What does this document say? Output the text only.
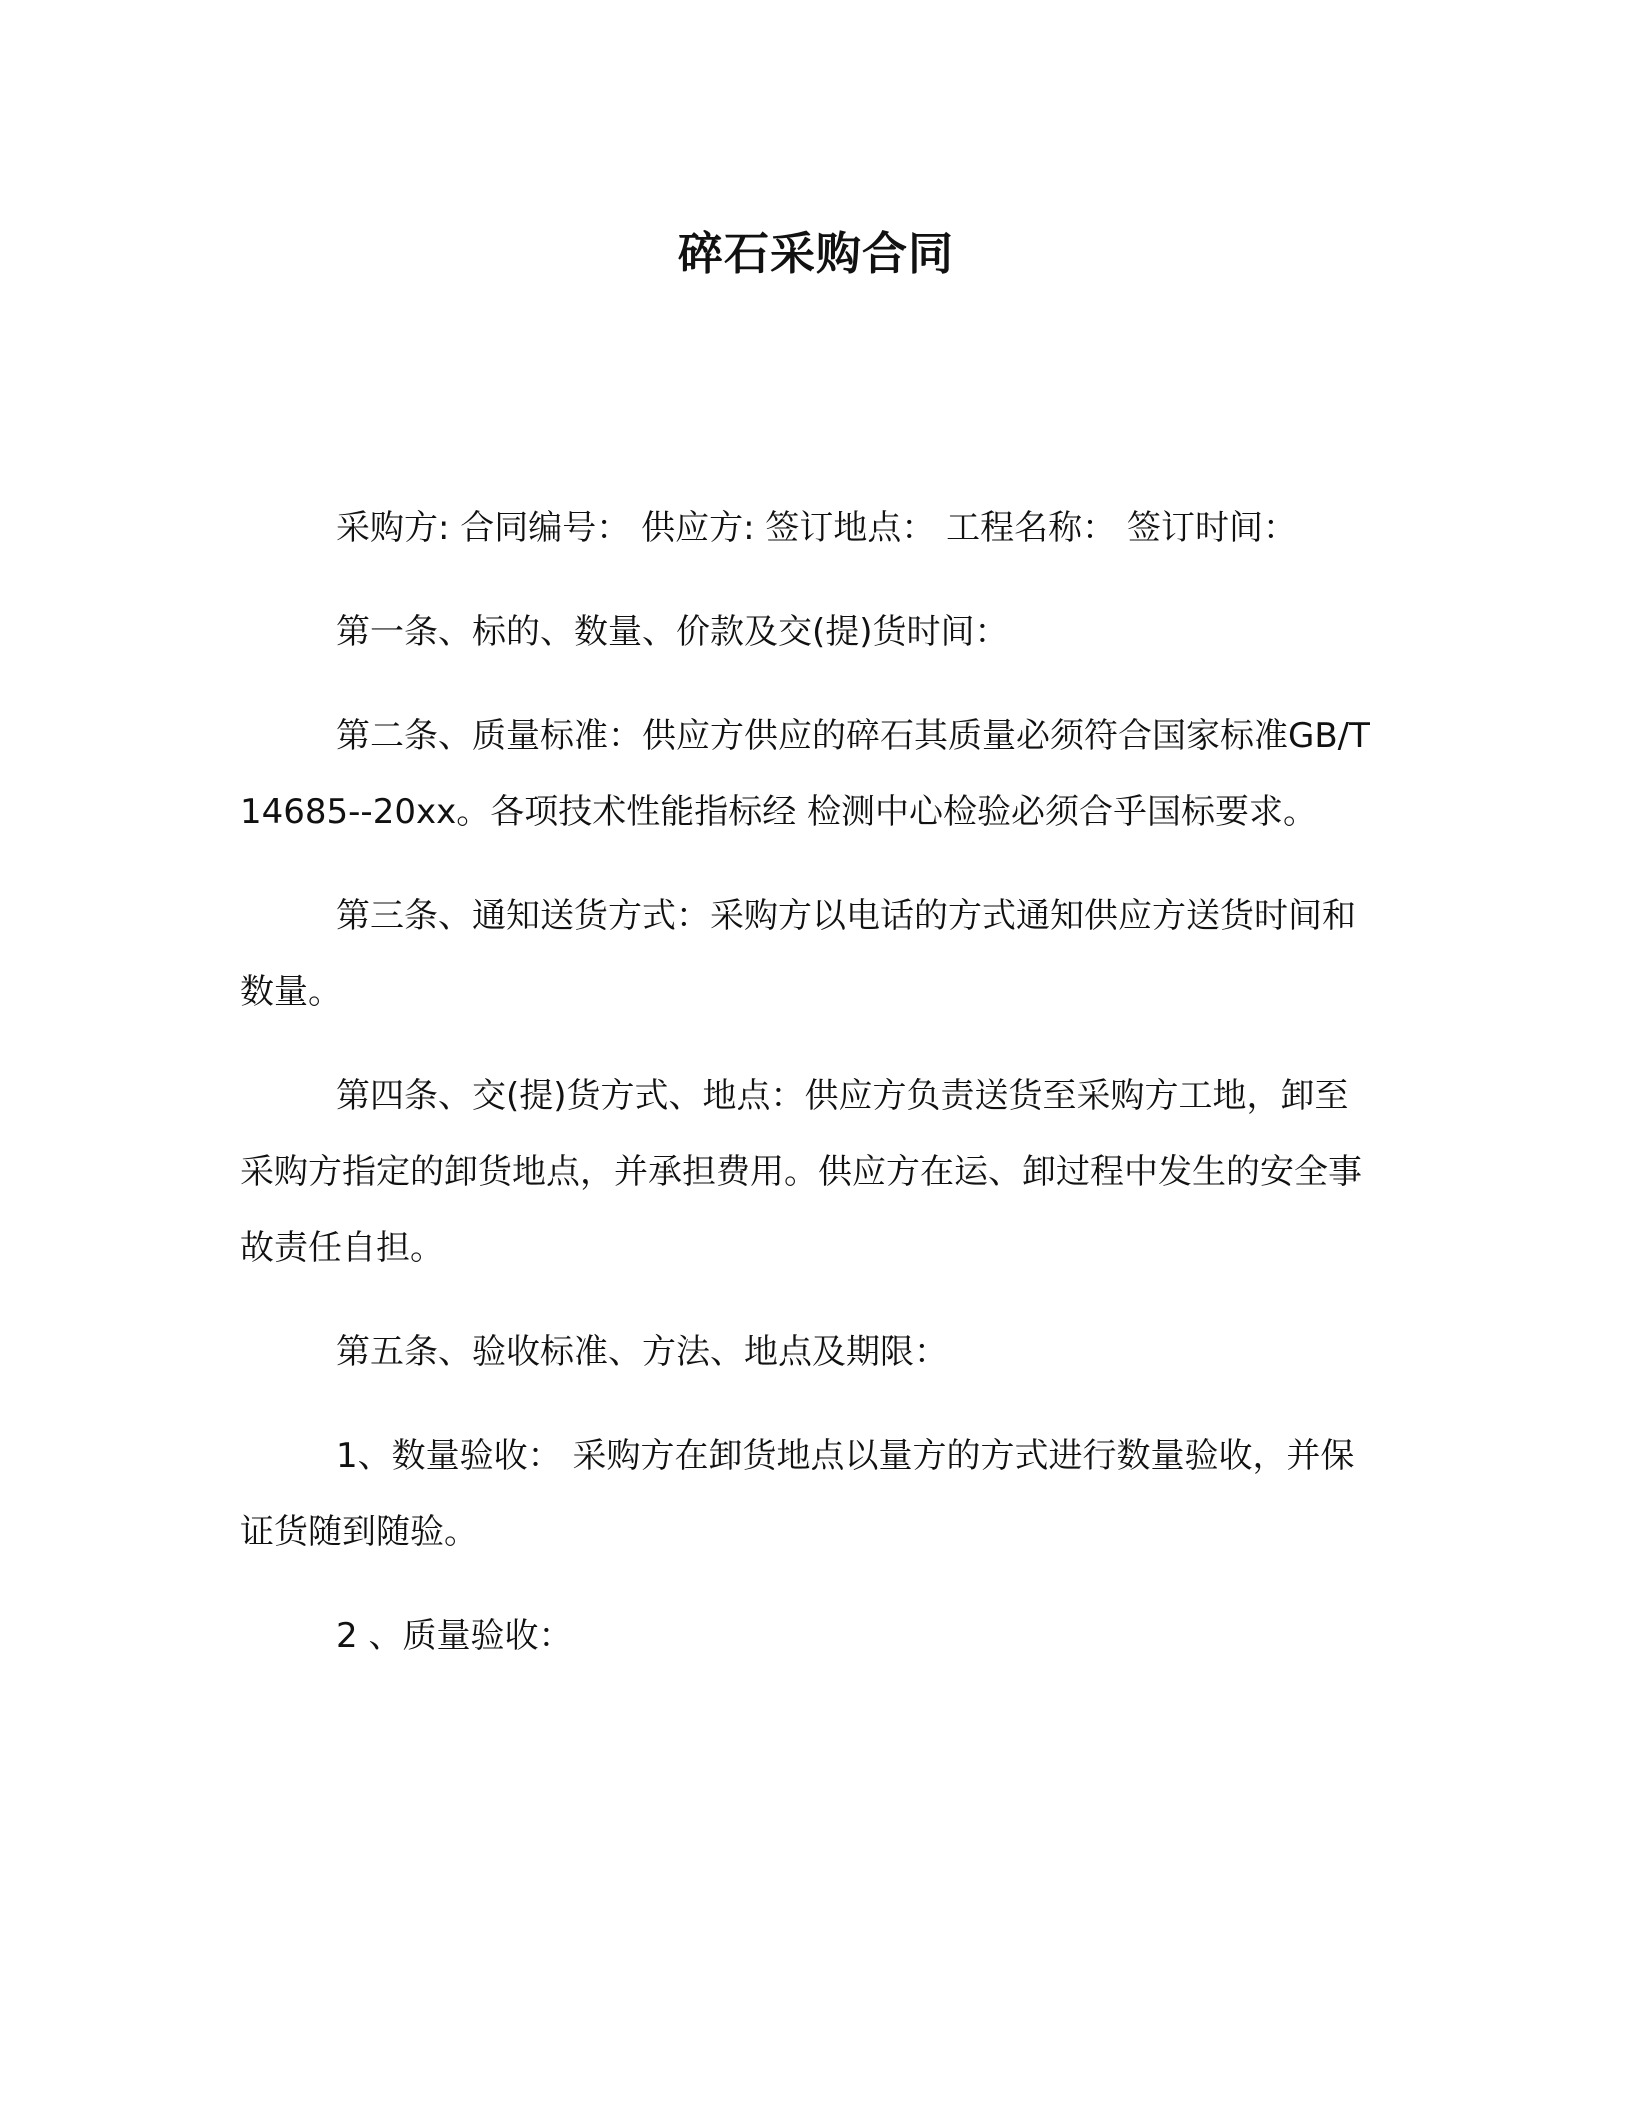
碎石采购合同

采购方: 合同编号： 供应方: 签订地点： 工程名称： 签订时间：

第一条、标的、数量、价款及交(提)货时间：

第二条、质量标准：供应方供应的碎石其质量必须符合国家标准GB/T14685--20xx。各项技术性能指标经 检测中心检验必须合乎国标要求。

第三条、通知送货方式：采购方以电话的方式通知供应方送货时间和数量。

第四条、交(提)货方式、地点：供应方负责送货至采购方工地，卸至采购方指定的卸货地点，并承担费用。供应方在运、卸过程中发生的安全事故责任自担。

第五条、验收标准、方法、地点及期限：

1、数量验收： 采购方在卸货地点以量方的方式进行数量验收，并保证货随到随验。

2 、质量验收：
